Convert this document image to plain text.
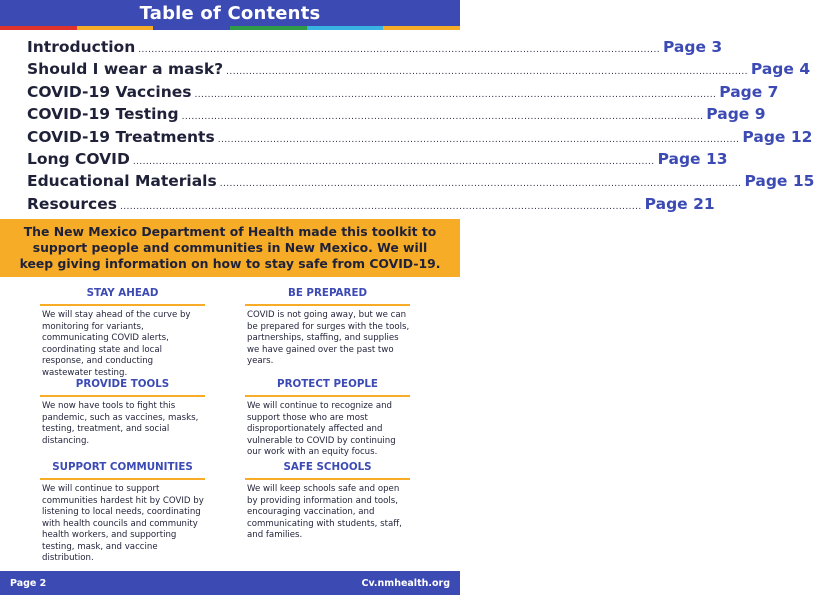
Table of Contents
Introduction ................................................................................................................................................................ Page 3
Should I wear a mask? ................................................................................................................................................................ Page 4
COVID-19 Vaccines ................................................................................................................................................................ Page 7
COVID-19 Testing ................................................................................................................................................................ Page 9
COVID-19 Treatments ................................................................................................................................................................ Page 12
Long COVID ................................................................................................................................................................ Page 13
Educational Materials ................................................................................................................................................................ Page 15
Resources ................................................................................................................................................................ Page 21

The New Mexico Department of Health made this toolkit to support people and communities in New Mexico. We will keep giving information on how to stay safe from COVID-19.

STAY AHEAD
We will stay ahead of the curve by monitoring for variants, communicating COVID alerts, coordinating state and local response, and conducting wastewater testing.
BE PREPARED
COVID is not going away, but we can be prepared for surges with the tools, partnerships, staffing, and supplies we have gained over the past two years.
PROVIDE TOOLS
We now have tools to fight this pandemic, such as vaccines, masks, testing, treatment, and social distancing.
PROTECT PEOPLE
We will continue to recognize and support those who are most disproportionately affected and vulnerable to COVID by continuing our work with an equity focus.
SUPPORT COMMUNITIES
We will continue to support communities hardest hit by COVID by listening to local needs, coordinating with health councils and community health workers, and supporting testing, mask, and vaccine distribution.
SAFE SCHOOLS
We will keep schools safe and open by providing information and tools, encouraging vaccination, and communicating with students, staff, and families.
Page 2	Cv.nmhealth.org
